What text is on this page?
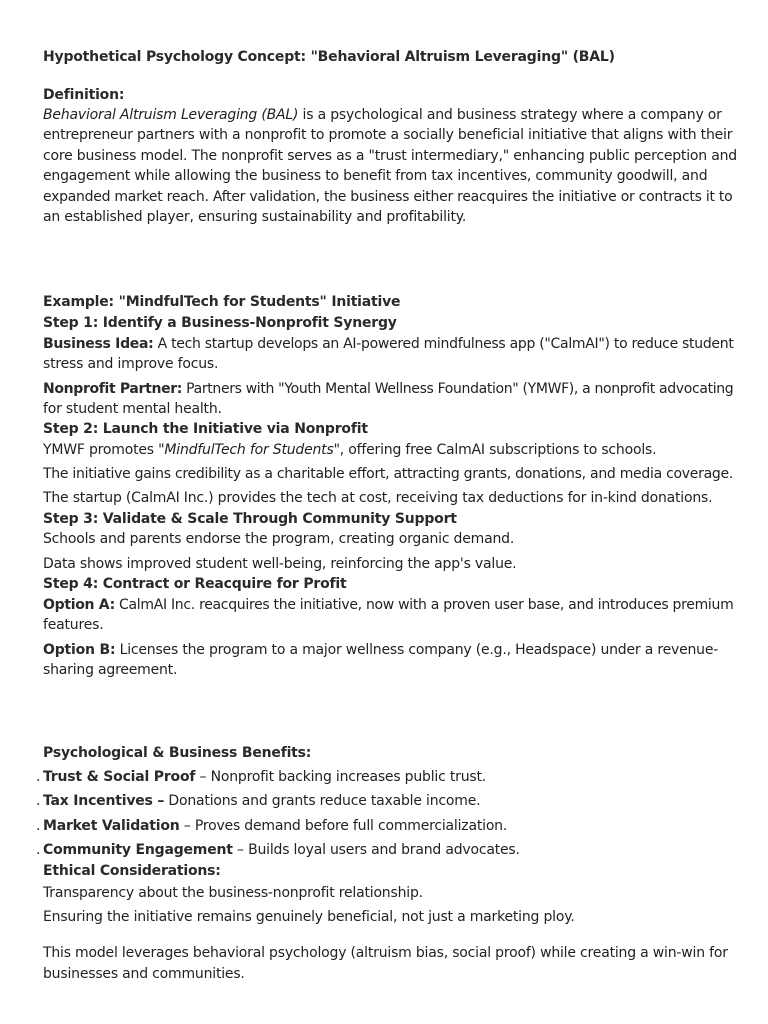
Hypothetical Psychology Concept: "Behavioral Altruism Leveraging" (BAL)
Definition:
Behavioral Altruism Leveraging (BAL) is a psychological and business strategy where a company or
entrepreneur partners with a nonprofit to promote a socially beneficial initiative that aligns with their
core business model. The nonprofit serves as a "trust intermediary," enhancing public perception and
engagement while allowing the business to benefit from tax incentives, community goodwill, and
expanded market reach. After validation, the business either reacquires the initiative or contracts it to
an established player, ensuring sustainability and profitability.
Example: "MindfulTech for Students" Initiative
Step 1: Identify a Business-Nonprofit Synergy
Business Idea: A tech startup develops an AI-powered mindfulness app ("CalmAI") to reduce student
stress and improve focus.
Nonprofit Partner: Partners with "Youth Mental Wellness Foundation" (YMWF), a nonprofit advocating
for student mental health.
Step 2: Launch the Initiative via Nonprofit
YMWF promotes "MindfulTech for Students", offering free CalmAI subscriptions to schools.
The initiative gains credibility as a charitable effort, attracting grants, donations, and media coverage.
The startup (CalmAI Inc.) provides the tech at cost, receiving tax deductions for in-kind donations.
Step 3: Validate & Scale Through Community Support
Schools and parents endorse the program, creating organic demand.
Data shows improved student well-being, reinforcing the app's value.
Step 4: Contract or Reacquire for Profit
Option A: CalmAI Inc. reacquires the initiative, now with a proven user base, and introduces premium
features.
Option B: Licenses the program to a major wellness company (e.g., Headspace) under a revenue-
sharing agreement.
Psychological & Business Benefits:
. Trust & Social Proof – Nonprofit backing increases public trust.
. Tax Incentives – Donations and grants reduce taxable income.
. Market Validation – Proves demand before full commercialization.
. Community Engagement – Builds loyal users and brand advocates.
Ethical Considerations:
Transparency about the business-nonprofit relationship.
Ensuring the initiative remains genuinely beneficial, not just a marketing ploy.
This model leverages behavioral psychology (altruism bias, social proof) while creating a win-win for
businesses and communities.
